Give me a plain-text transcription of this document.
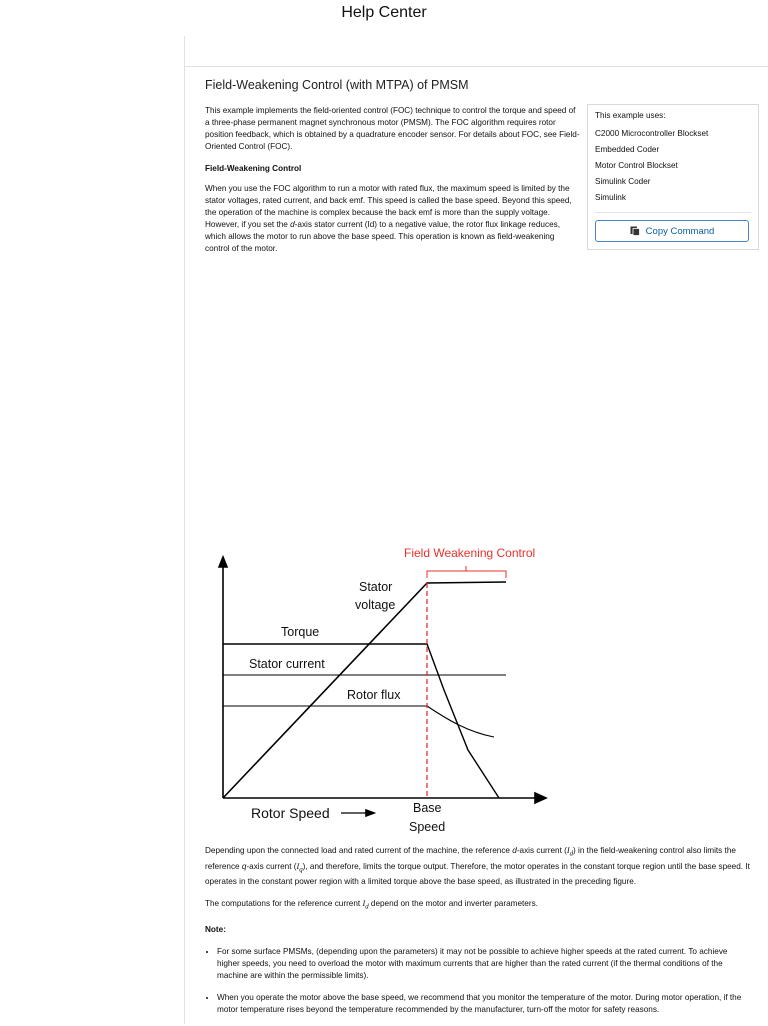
Help Center
Field-Weakening Control (with MTPA) of PMSM

This example implements the field-oriented control (FOC) technique to control the torque and speed of a three-phase permanent magnet synchronous motor (PMSM). The FOC algorithm requires rotor position feedback, which is obtained by a quadrature encoder sensor. For details about FOC, see Field-Oriented Control (FOC).

Field-Weakening Control

When you use the FOC algorithm to run a motor with rated flux, the maximum speed is limited by the stator voltages, rated current, and back emf. This speed is called the base speed. Beyond this speed, the operation of the machine is complex because the back emf is more than the supply voltage. However, if you set the d-axis stator current (Id) to a negative value, the rotor flux linkage reduces, which allows the motor to run above the base speed. This operation is known as field-weakening control of the motor.

This example uses:
C2000 Microcontroller Blockset
Embedded Coder
Motor Control Blockset
Simulink Coder
Simulink
Copy Command
Field Weakening Control
Stator
voltage
Torque
Stator current
Rotor flux
Rotor Speed	Base
Speed

Depending upon the connected load and rated current of the machine, the reference d-axis current $(I_d)$ in the field-weakening control also limits the reference q-axis current $(I_q)$, and therefore, limits the torque output. Therefore, the motor operates in the constant torque region until the base speed. It operates in the constant power region with a limited torque above the base speed, as illustrated in the preceding figure.

The computations for the reference current $I_d$ depend on the motor and inverter parameters.

Note:

• For some surface PMSMs, (depending upon the parameters) it may not be possible to achieve higher speeds at the rated current. To achieve higher speeds, you need to overload the motor with maximum currents that are higher than the rated current (if the thermal conditions of the machine are within the permissible limits).
• When you operate the motor above the base speed, we recommend that you monitor the temperature of the motor. During motor operation, if the motor temperature rises beyond the temperature recommended by the manufacturer, turn-off the motor for safety reasons.
